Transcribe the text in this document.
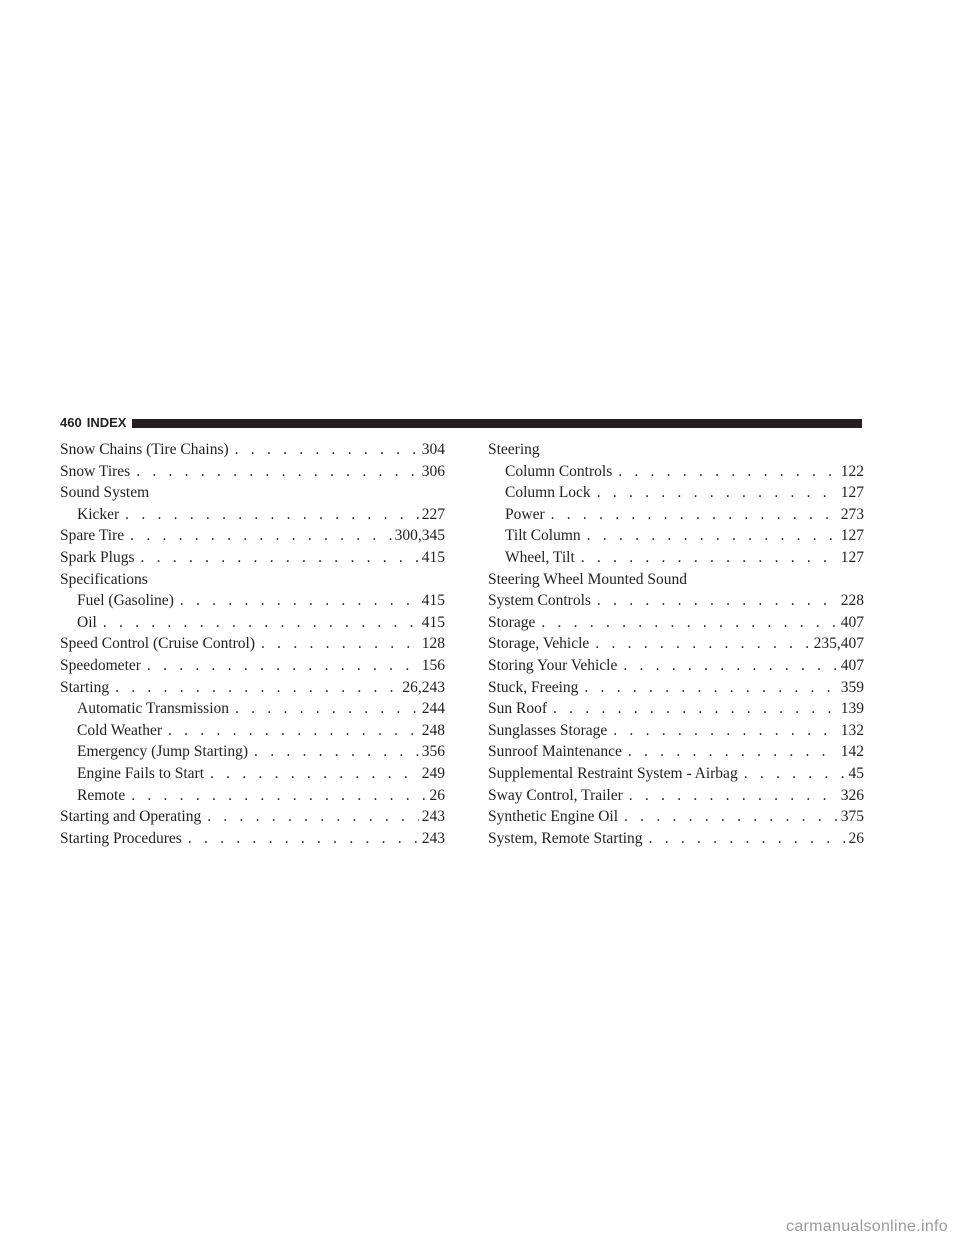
460 INDEX
Snow Chains (Tire Chains) . . .	304
Snow Tires . . .	306
Sound System
Kicker . . .	227
Spare Tire . . .	300,345
Spark Plugs . . .	415
Specifications
Fuel (Gasoline) . . .	415
Oil . . .	415
Speed Control (Cruise Control) . . .	128
Speedometer . . .	156
Starting . . .	26,243
Automatic Transmission . . .	244
Cold Weather . . .	248
Emergency (Jump Starting) . . .	356
Engine Fails to Start . . .	249
Remote . . .	26
Starting and Operating . . .	243
Starting Procedures . . .	243
Steering
Column Controls . . .	122
Column Lock . . .	127
Power . . .	273
Tilt Column . . .	127
Wheel, Tilt . . .	127
Steering Wheel Mounted Sound
System Controls . . .	228
Storage . . .	407
Storage, Vehicle . . .	235,407
Storing Your Vehicle . . .	407
Stuck, Freeing . . .	359
Sun Roof . . .	139
Sunglasses Storage . . .	132
Sunroof Maintenance . . .	142
Supplemental Restraint System - Airbag . . .	45
Sway Control, Trailer . . .	326
Synthetic Engine Oil . . .	375
System, Remote Starting . . .	26
carmanualsonline.info
